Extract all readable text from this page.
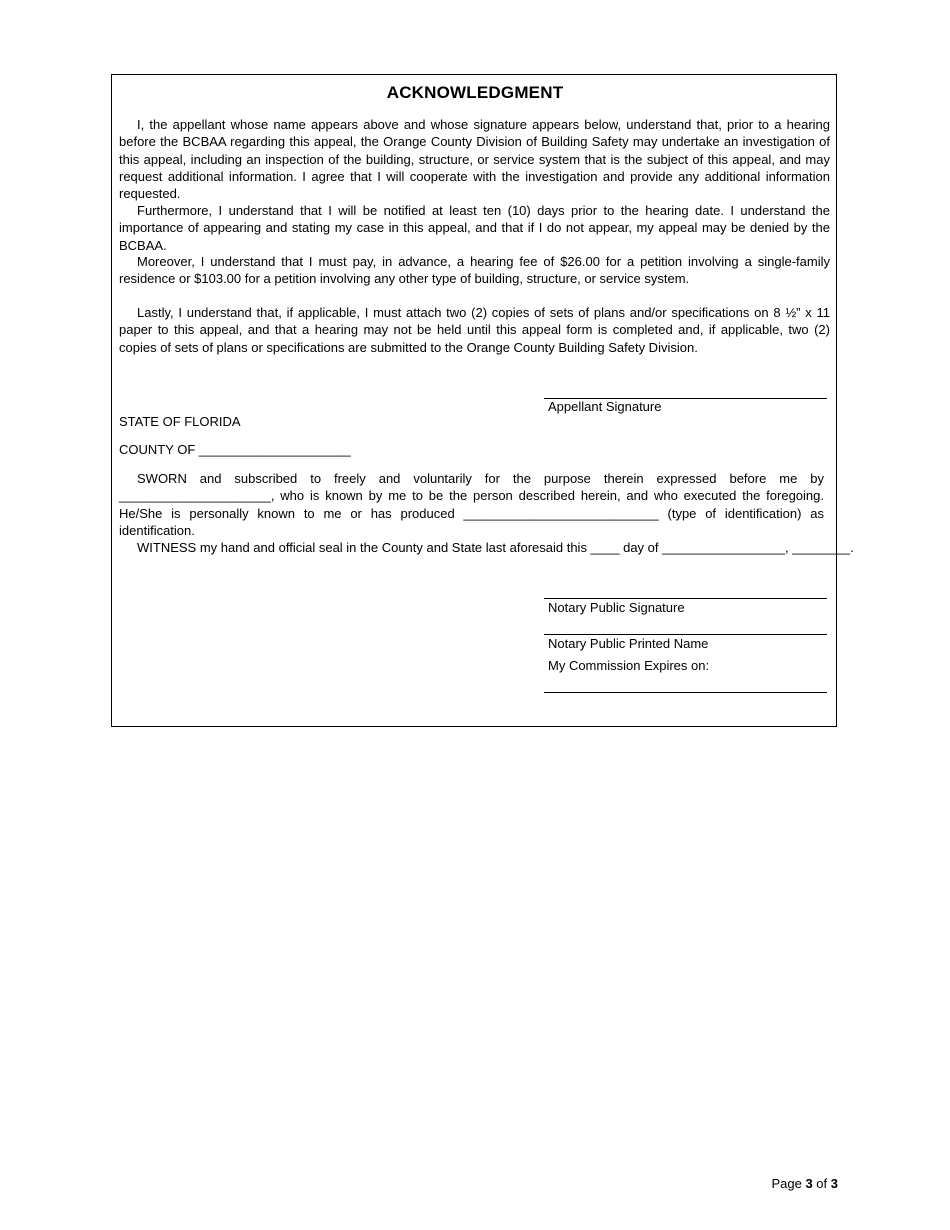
ACKNOWLEDGMENT
I, the appellant whose name appears above and whose signature appears below, understand that, prior to a hearing before the BCBAA regarding this appeal, the Orange County Division of Building Safety may undertake an investigation of this appeal, including an inspection of the building, structure, or service system that is the subject of this appeal, and may request additional information. I agree that I will cooperate with the investigation and provide any additional information requested.
Furthermore, I understand that I will be notified at least ten (10) days prior to the hearing date. I understand the importance of appearing and stating my case in this appeal, and that if I do not appear, my appeal may be denied by the BCBAA.
Moreover, I understand that I must pay, in advance, a hearing fee of $26.00 for a petition involving a single-family residence or $103.00 for a petition involving any other type of building, structure, or service system.
Lastly, I understand that, if applicable, I must attach two (2) copies of sets of plans and/or specifications on 8 ½” x 11 paper to this appeal, and that a hearing may not be held until this appeal form is completed and, if applicable, two (2) copies of sets of plans or specifications are submitted to the Orange County Building Safety Division.
Appellant Signature
STATE OF FLORIDA
COUNTY OF _____________________
SWORN and subscribed to freely and voluntarily for the purpose therein expressed before me by _____________________, who is known by me to be the person described herein, and who executed the foregoing. He/She is personally known to me or has produced ___________________________ (type of identification) as identification.
WITNESS my hand and official seal in the County and State last aforesaid this ____ day of _________________, ________.
Notary Public Signature
Notary Public Printed Name
My Commission Expires on:
Page 3 of 3
